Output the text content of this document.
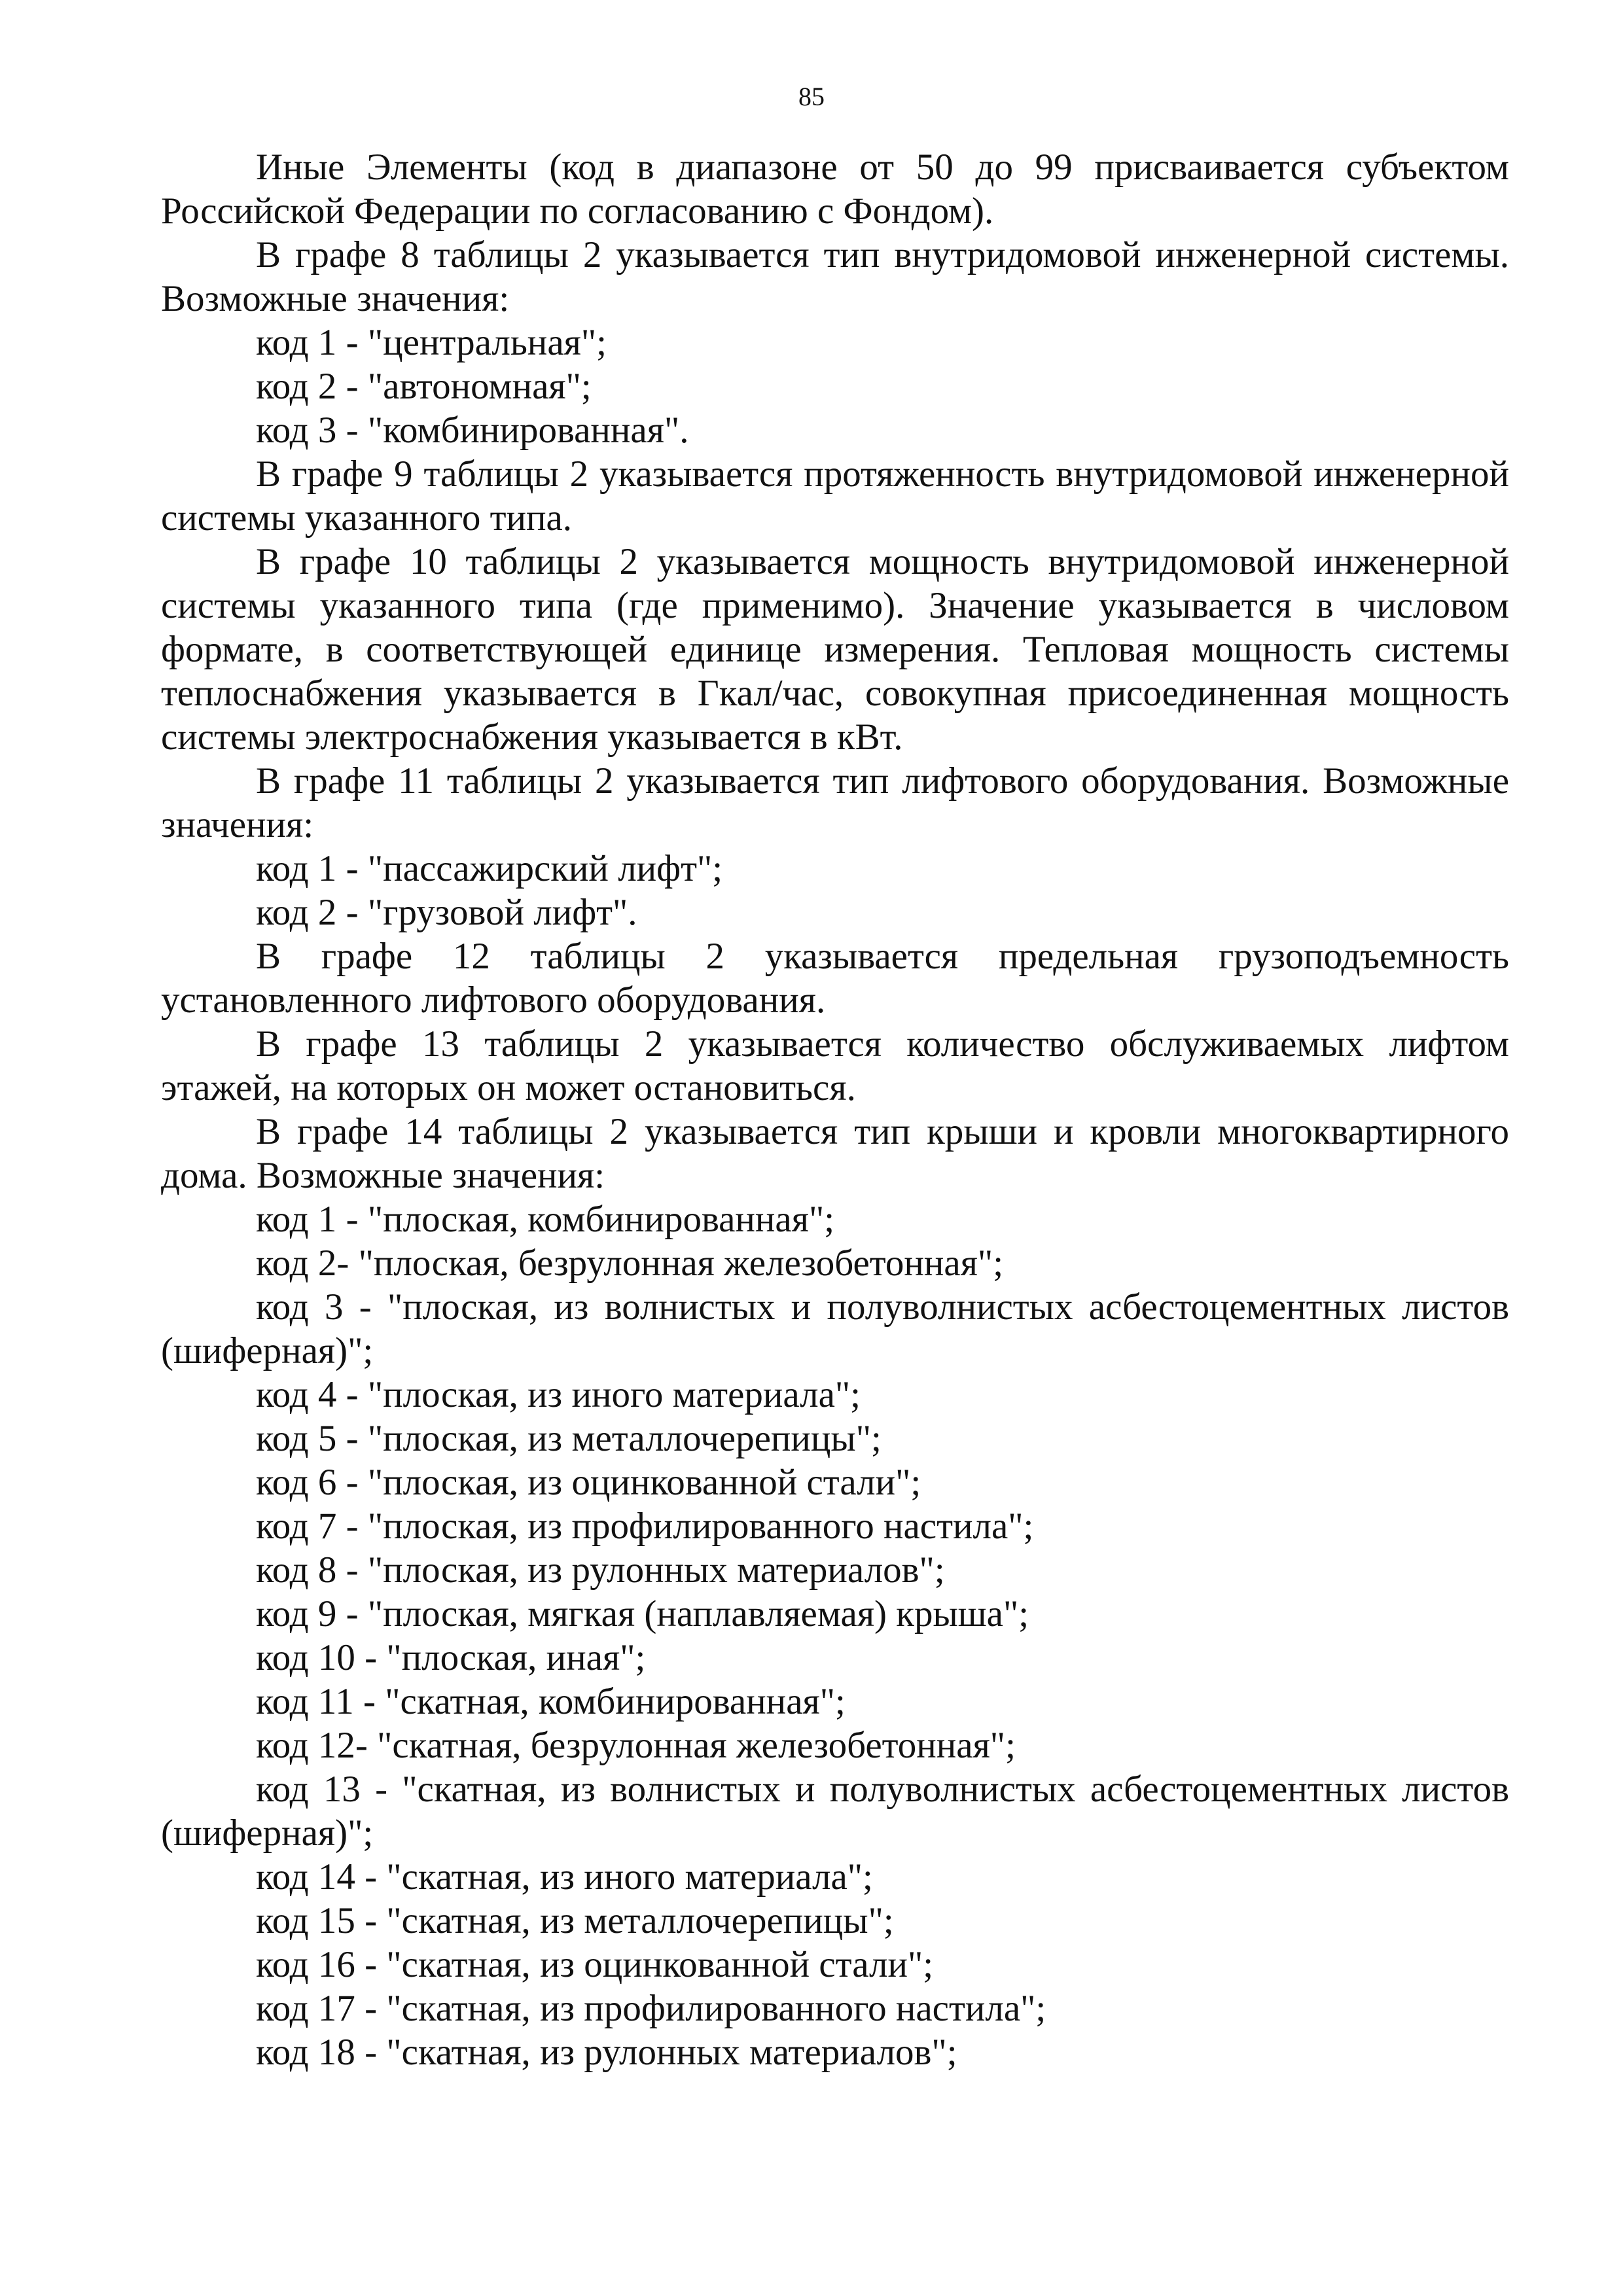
85

Иные Элементы (код в диапазоне от 50 до 99 присваивается субъектом Российской Федерации по согласованию с Фондом).

В графе 8 таблицы 2 указывается тип внутридомовой инженерной системы. Возможные значения:

код 1 - "центральная";

код 2 - "автономная";

код 3 - "комбинированная".

В графе 9 таблицы 2 указывается протяженность внутридомовой инженерной системы указанного типа.

В графе 10 таблицы 2 указывается мощность внутридомовой инженерной системы указанного типа (где применимо). Значение указывается в числовом формате, в соответствующей единице измерения. Тепловая мощность системы теплоснабжения указывается в Гкал/час, совокупная присоединенная мощность системы электроснабжения указывается в кВт.

В графе 11 таблицы 2 указывается тип лифтового оборудования. Возможные значения:

код 1 - "пассажирский лифт";

код 2 - "грузовой лифт".

В графе 12 таблицы 2 указывается предельная грузоподъемность установленного лифтового оборудования.

В графе 13 таблицы 2 указывается количество обслуживаемых лифтом этажей, на которых он может остановиться.

В графе 14 таблицы 2 указывается тип крыши и кровли многоквартирного дома. Возможные значения:

код 1 - "плоская, комбинированная";

код 2- "плоская, безрулонная железобетонная";

код 3 - "плоская, из волнистых и полуволнистых асбестоцементных листов (шиферная)";

код 4 - "плоская, из иного материала";

код 5 - "плоская, из металлочерепицы";

код 6 - "плоская, из оцинкованной стали";

код 7 - "плоская, из профилированного настила";

код 8 - "плоская, из рулонных материалов";

код 9 - "плоская, мягкая (наплавляемая) крыша";

код 10 - "плоская, иная";

код 11 - "скатная, комбинированная";

код 12- "скатная, безрулонная железобетонная";

код 13 - "скатная, из волнистых и полуволнистых асбестоцементных листов (шиферная)";

код 14 - "скатная, из иного материала";

код 15 - "скатная, из металлочерепицы";

код 16 - "скатная, из оцинкованной стали";

код 17 - "скатная, из профилированного настила";

код 18 - "скатная, из рулонных материалов";
